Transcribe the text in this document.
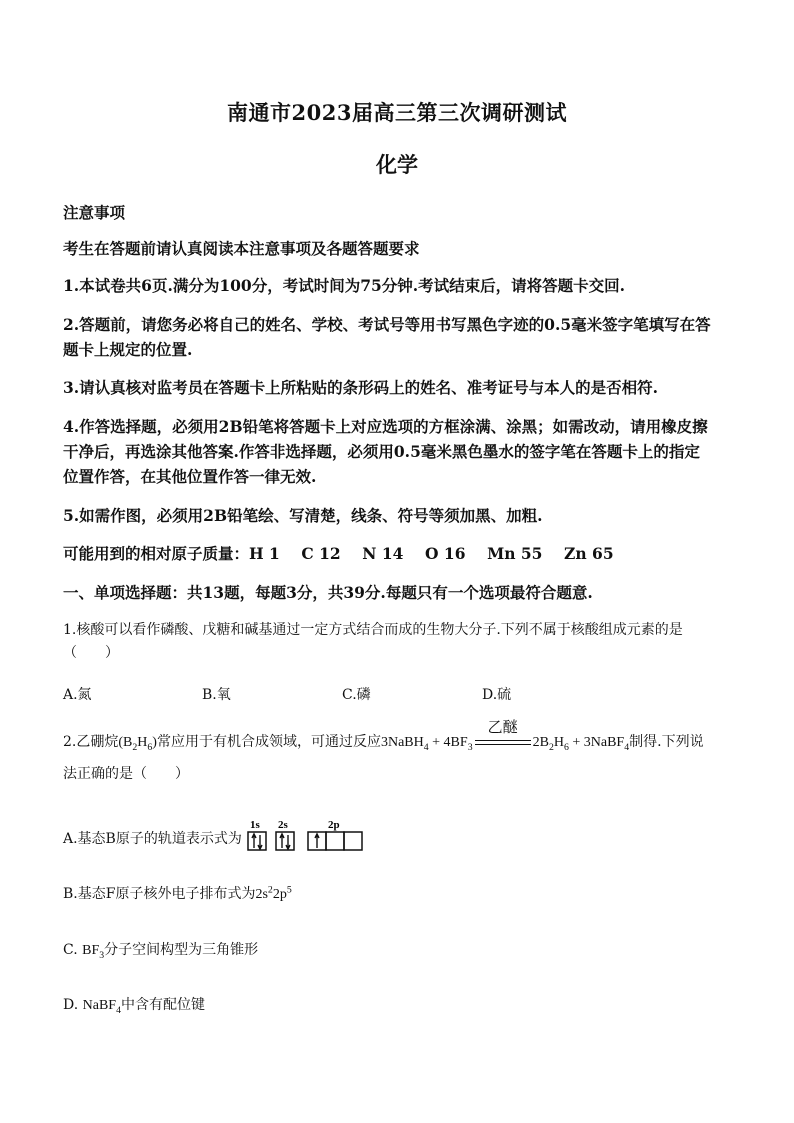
南通市2023届高三第三次调研测试
化学
注意事项
考生在答题前请认真阅读本注意事项及各题答题要求
1.本试卷共6页.满分为100分，考试时间为75分钟.考试结束后，请将答题卡交回.
2.答题前，请您务必将自己的姓名、学校、考试号等用书写黑色字迹的0.5毫米签字笔填写在答
题卡上规定的位置.
3.请认真核对监考员在答题卡上所粘贴的条形码上的姓名、准考证号与本人的是否相符.
4.作答选择题，必须用2B铅笔将答题卡上对应选项的方框涂满、涂黑；如需改动，请用橡皮擦
干净后，再选涂其他答案.作答非选择题，必须用0.5毫米黑色墨水的签字笔在答题卡上的指定
位置作答，在其他位置作答一律无效.
5.如需作图，必须用2B铅笔绘、写清楚，线条、符号等须加黑、加粗.
可能用到的相对原子质量：H 1    C 12    N 14    O 16    Mn 55    Zn 65
一、单项选择题：共13题，每题3分，共39分.每题只有一个选项最符合题意.
1.核酸可以看作磷酸、戊糖和碱基通过一定方式结合而成的生物大分子.下列不属于核酸组成元素的是
（　　）
A.氮	B.氧	C.磷	D.硫
2.乙硼烷$(B_2H_6)$常应用于有机合成领域，可通过反应3NaBH$_4$ + $4BF_3$
乙醚
$2B_2H_6$ + 3NaBF$_4$制得.下列说
法正确的是（　　）
A.基态B原子的轨道表示式为
1s 2s	2p
B.基态F原子核外电子排布式为$2s^22p^5$
C. $BF_3$分子空间构型为三角锥形
D. NaBF$_4$中含有配位键
